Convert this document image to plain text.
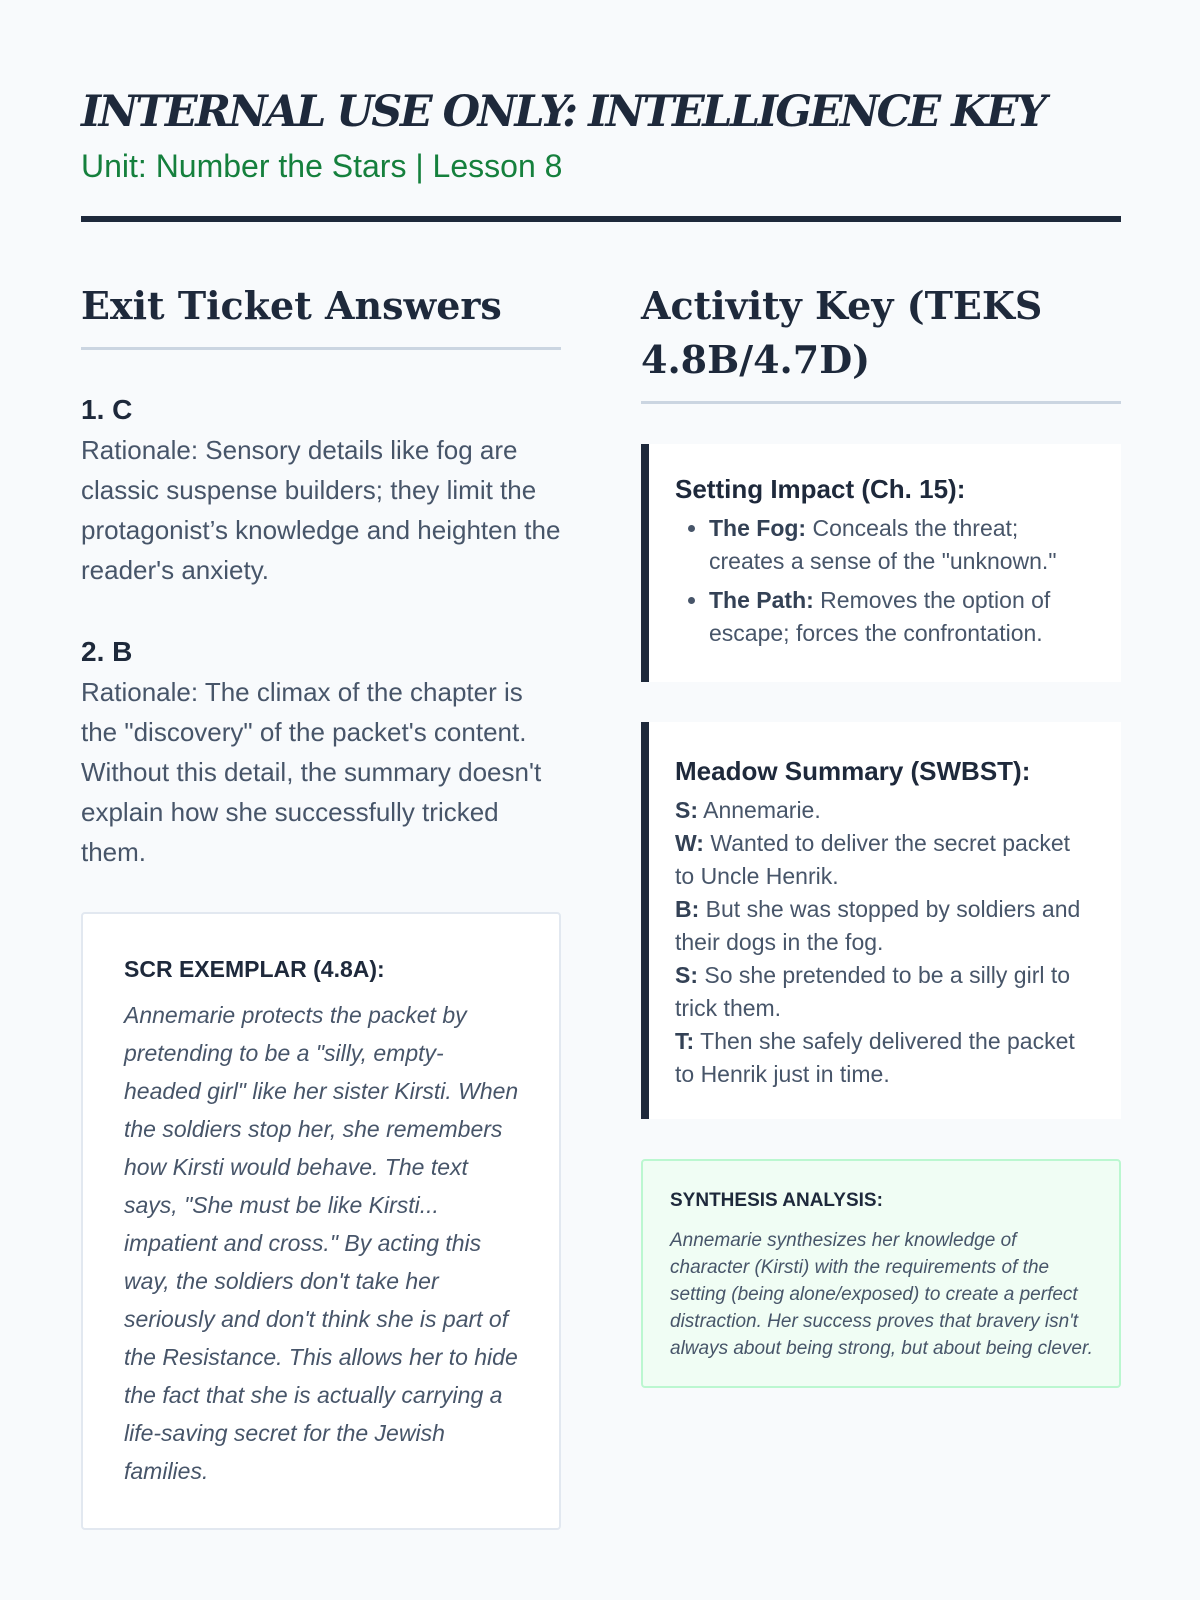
INTERNAL USE ONLY: INTELLIGENCE KEY

Unit: Number the Stars | Lesson 8

Exit Ticket Answers

1. C

Rationale: Sensory details like fog are classic suspense builders; they limit the protagonist’s knowledge and heighten the reader's anxiety.

2. B

Rationale: The climax of the chapter is the "discovery" of the packet's content. Without this detail, the summary doesn't explain how she successfully tricked them.

SCR EXEMPLAR (4.8A):

Annemarie protects the packet by pretending to be a "silly, empty-headed girl" like her sister Kirsti. When the soldiers stop her, she remembers how Kirsti would behave. The text says, "She must be like Kirsti... impatient and cross." By acting this way, the soldiers don't take her seriously and don't think she is part of the Resistance. This allows her to hide the fact that she is actually carrying a life-saving secret for the Jewish families.

Activity Key (TEKS 4.8B/4.7D)

Setting Impact (Ch. 15):

• The Fog: Conceals the threat; creates a sense of the "unknown."
• The Path: Removes the option of escape; forces the confrontation.

Meadow Summary (SWBST):

S: Annemarie.

W: Wanted to deliver the secret packet to Uncle Henrik.

B: But she was stopped by soldiers and their dogs in the fog.

S: So she pretended to be a silly girl to trick them.

T: Then she safely delivered the packet to Henrik just in time.

SYNTHESIS ANALYSIS:

Annemarie synthesizes her knowledge of character (Kirsti) with the requirements of the setting (being alone/exposed) to create a perfect distraction. Her success proves that bravery isn't always about being strong, but about being clever.
